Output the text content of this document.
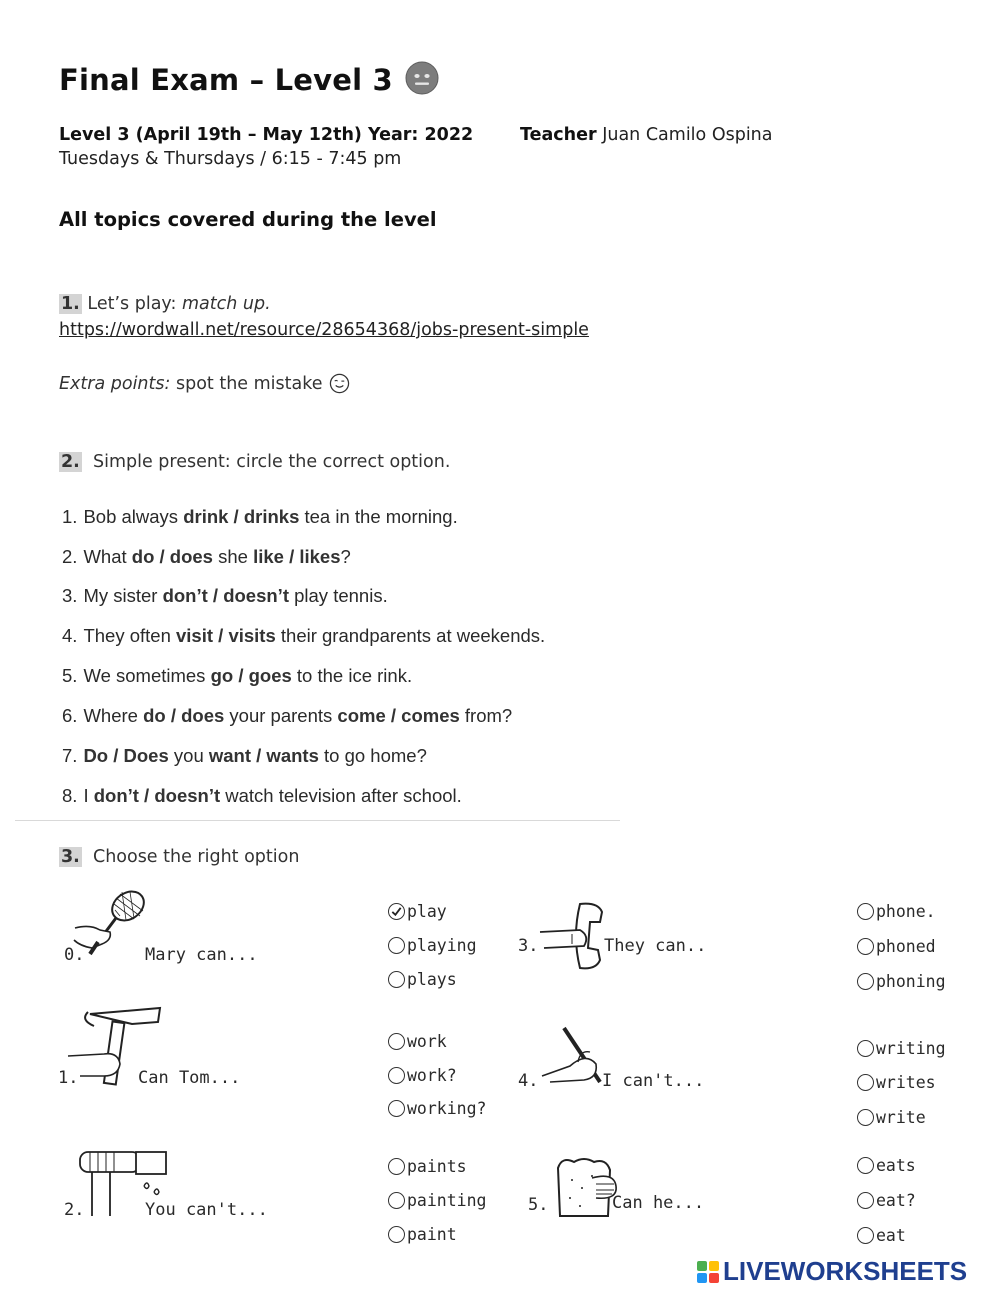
Final Exam – Level 3
Level 3 (April 19th – May 12th) Year: 2022	Teacher Juan Camilo Ospina
Tuesdays & Thursdays / 6:15 - 7:45 pm
All topics covered during the level
1. Let’s play: match up.
https://wordwall.net/resource/28654368/jobs-present-simple
Extra points:
spot the mistake
2. Simple present: circle the correct option.
1. Bob always drink / drinks tea in the morning.
2. What do / does she like / likes?
3. My sister don’t / doesn’t play tennis.
4. They often visit / visits their grandparents at weekends.
5. We sometimes go / goes to the ice rink.
6. Where do / does your parents come / comes from?
7. Do / Does you want / wants to go home?
8. I don’t / doesn’t watch television after school.
3. Choose the right option
0.	Mary can...
play
playing
plays
1.	Can Tom...
work
work?
working?
2.	You can't...
paints
painting
paint
3.	They can..
phone.
phoned
phoning
4.	I can't...
writing
writes
write
5.	Can he...
eats
eat?
eat
LIVEWORKSHEETS
